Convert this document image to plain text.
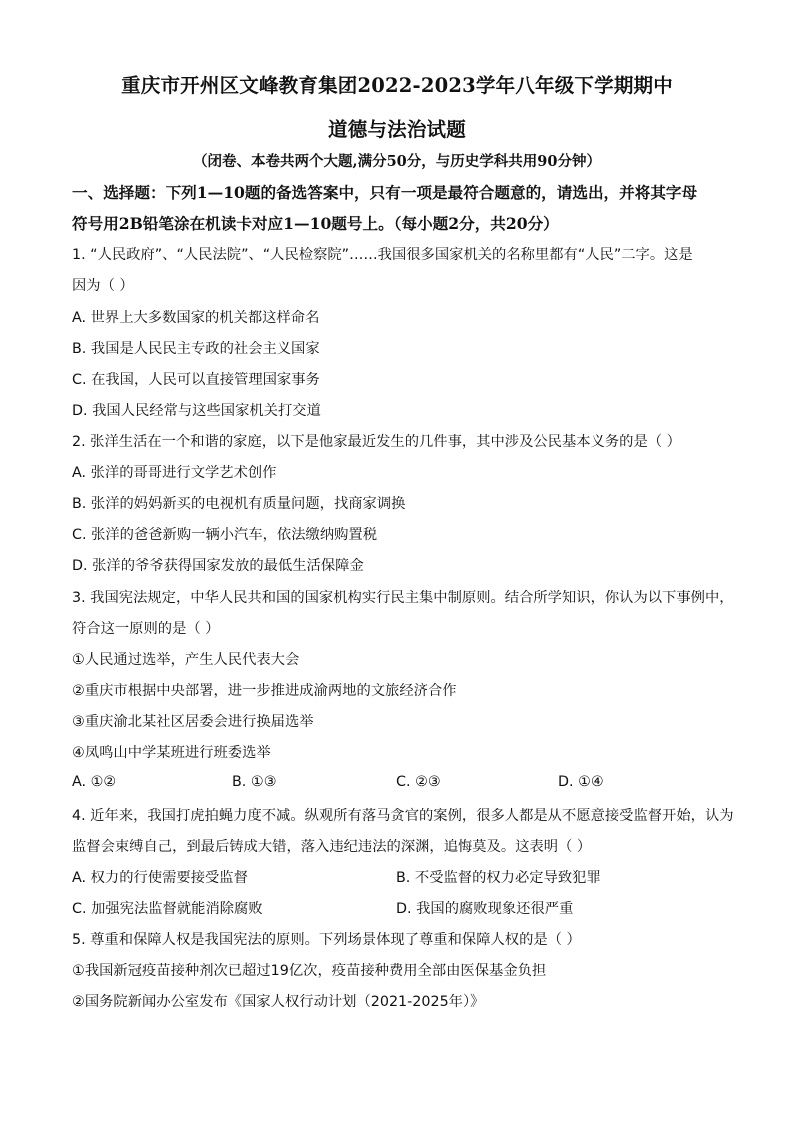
重庆市开州区文峰教育集团2022-2023学年八年级下学期期中
道德与法治试题
（闭卷、本卷共两个大题,满分50分，与历史学科共用90分钟）
一、选择题：下列1—10题的备选答案中，只有一项是最符合题意的，请选出，并将其字母
符号用2B铅笔涂在机读卡对应1—10题号上。（每小题2分，共20分）
1. “人民政府”、“人民法院”、“人民检察院”……我国很多国家机关的名称里都有“人民”二字。这是
因为（ ）
A. 世界上大多数国家的机关都这样命名
B. 我国是人民民主专政的社会主义国家
C. 在我国，人民可以直接管理国家事务
D. 我国人民经常与这些国家机关打交道
2. 张洋生活在一个和谐的家庭，以下是他家最近发生的几件事，其中涉及公民基本义务的是（ ）
A. 张洋的哥哥进行文学艺术创作
B. 张洋的妈妈新买的电视机有质量问题，找商家调换
C. 张洋的爸爸新购一辆小汽车，依法缴纳购置税
D. 张洋的爷爷获得国家发放的最低生活保障金
3. 我国宪法规定，中华人民共和国的国家机构实行民主集中制原则。结合所学知识，你认为以下事例中，
符合这一原则的是（ ）
①人民通过选举，产生人民代表大会
②重庆市根据中央部署，进一步推进成渝两地的文旅经济合作
③重庆渝北某社区居委会进行换届选举
④凤鸣山中学某班进行班委选举
A. ①②	B. ①③	C. ②③	D. ①④
4. 近年来，我国打虎拍蝇力度不减。纵观所有落马贪官的案例，很多人都是从不愿意接受监督开始，认为
监督会束缚自己，到最后铸成大错，落入违纪违法的深渊，追悔莫及。这表明（ ）
A. 权力的行使需要接受监督	B. 不受监督的权力必定导致犯罪
C. 加强宪法监督就能消除腐败	D. 我国的腐败现象还很严重
5. 尊重和保障人权是我国宪法的原则。下列场景体现了尊重和保障人权的是（ ）
①我国新冠疫苗接种剂次已超过19亿次，疫苗接种费用全部由医保基金负担
②国务院新闻办公室发布《国家人权行动计划（2021-2025年）》
